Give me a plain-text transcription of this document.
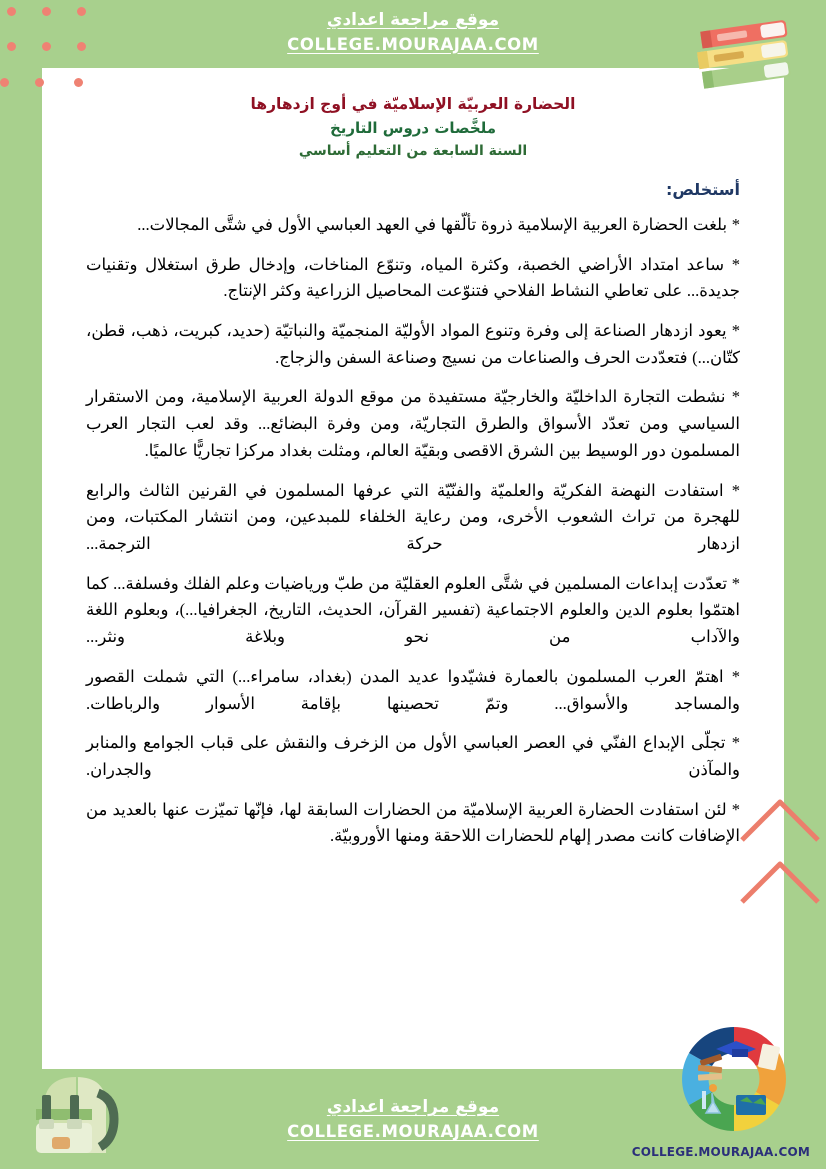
موقع مراجعة اعدادي
COLLEGE.MOURAJAA.COM
موقع مراجعة اعدادي
COLLEGE.MOURAJAA.COM
COLLEGE.MOURAJAA.COM
الحضارة العربيّة الإسلاميّة في أوج ازدهارها
ملخَّصات دروس التاريخ
السنة السابعة من التعليم أساسي
أستخلص:
* بلغت الحضارة العربية الإسلامية ذروة تألّقها في العهد العباسي الأول في شتَّى المجالات...
* ساعد امتداد الأراضي الخصبة، وكثرة المياه، وتنوّع المناخات، وإدخال طرق استغلال وتقنيات جديدة... على تعاطي النشاط الفلاحي فتنوّعت المحاصيل الزراعية وكثر الإنتاج.
* يعود ازدهار الصناعة إلى وفرة وتنوع المواد الأوليّة المنجميّة والنباتيّة (حديد، كبريت، ذهب، قطن، كتّان...) فتعدّدت الحرف والصناعات من نسيج وصناعة السفن والزجاج.
* نشطت التجارة الداخليّة والخارجيّة مستفيدة من موقع الدولة العربية الإسلامية، ومن الاستقرار السياسي ومن تعدّد الأسواق والطرق التجاريّة، ومن وفرة البضائع... وقد لعب التجار العرب المسلمون دور الوسيط بين الشرق الاقصى وبقيّة العالم، ومثلت بغداد مركزا تجاريًّا عالميًا.
* استفادت النهضة الفكريّة والعلميّة والفنّيّة التي عرفها المسلمون في القرنين الثالث والرابع للهجرة من تراث الشعوب الأخرى، ومن رعاية الخلفاء للمبدعين، ومن انتشار المكتبات، ومن ازدهار حركة الترجمة...
* تعدّدت إبداعات المسلمين في شتَّى العلوم العقليّة من طبّ ورياضيات وعلم الفلك وفسلفة... كما اهتمّوا بعلوم الدين والعلوم الاجتماعية (تفسير القرآن، الحديث، التاريخ، الجغرافيا...)، وبعلوم اللغة والآداب من نحو وبلاغة ونثر...
* اهتمّ العرب المسلمون بالعمارة فشيّدوا عديد المدن (بغداد، سامراء...) التي شملت القصور والمساجد والأسواق... وتمّ تحصينها بإقامة الأسوار والرباطات.
* تجلّى الإبداع الفنّي في العصر العباسي الأول من الزخرف والنقش على قباب الجوامع والمنابر والمآذن والجدران.
* لئن استفادت الحضارة العربية الإسلاميّة من الحضارات السابقة لها، فإنّها تميّزت عنها بالعديد من الإضافات كانت مصدر إلهام للحضارات اللاحقة ومنها الأوروبيّة.
